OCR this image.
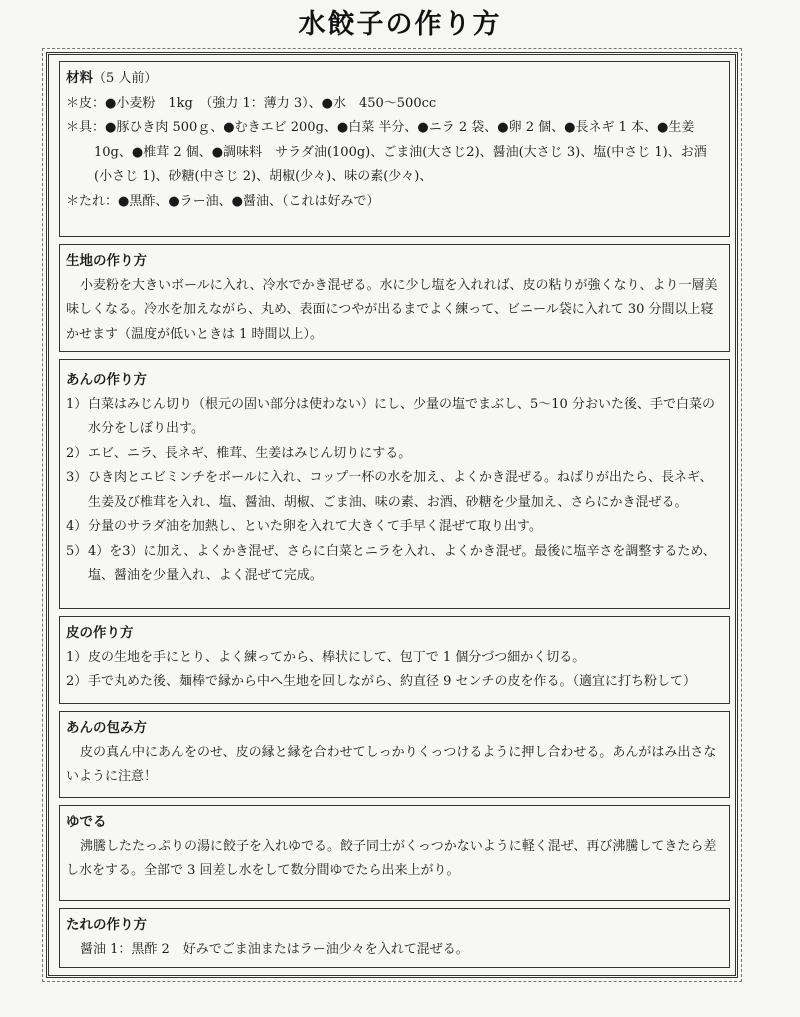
水餃子の作り方
材料（5 人前）
＊皮：●小麦粉　1kg　（強力 1：薄力 3）、●水　450〜500cc
＊具：●豚ひき肉 500ｇ、●むきエビ 200g、●白菜 半分、●ニラ 2 袋、●卵 2 個、●長ネギ 1 本、●生姜 10g、●椎茸 2 個、●調味料　サラダ油(100g)、ごま油(大さじ2)、醤油(大さじ 3)、塩(中さじ 1)、お酒(小さじ 1)、砂糖(中さじ 2)、胡椒(少々)、味の素(少々)、
＊たれ：●黒酢、●ラー油、●醤油、（これは好みで）
生地の作り方
小麦粉を大きいボールに入れ、冷水でかき混ぜる。水に少し塩を入れれば、皮の粘りが強くなり、より一層美味しくなる。冷水を加えながら、丸め、表面につやが出るまでよく練って、ビニール袋に入れて 30 分間以上寝かせます（温度が低いときは 1 時間以上）。
あんの作り方
1）白菜はみじん切り（根元の固い部分は使わない）にし、少量の塩でまぶし、5〜10 分おいた後、手で白菜の水分をしぼり出す。
2）エビ、ニラ、長ネギ、椎茸、生姜はみじん切りにする。
3）ひき肉とエビミンチをボールに入れ、コップ一杯の水を加え、よくかき混ぜる。ねばりが出たら、長ネギ、生姜及び椎茸を入れ、塩、醤油、胡椒、ごま油、味の素、お酒、砂糖を少量加え、さらにかき混ぜる。
4）分量のサラダ油を加熱し、といた卵を入れて大きくて手早く混ぜて取り出す。
5）4）を3）に加え、よくかき混ぜ、さらに白菜とニラを入れ、よくかき混ぜ。最後に塩辛さを調整するため、塩、醤油を少量入れ、よく混ぜて完成。
皮の作り方
1）皮の生地を手にとり、よく練ってから、棒状にして、包丁で 1 個分づつ細かく切る。
2）手で丸めた後、麺棒で縁から中へ生地を回しながら、約直径 9 センチの皮を作る。（適宜に打ち粉して）
あんの包み方
皮の真ん中にあんをのせ、皮の縁と縁を合わせてしっかりくっつけるように押し合わせる。あんがはみ出さないように注意！
ゆでる
沸騰したたっぷりの湯に餃子を入れゆでる。餃子同士がくっつかないように軽く混ぜ、再び沸騰してきたら差し水をする。全部で 3 回差し水をして数分間ゆでたら出来上がり。
たれの作り方
醤油 1：黒酢 2　好みでごま油またはラー油少々を入れて混ぜる。
